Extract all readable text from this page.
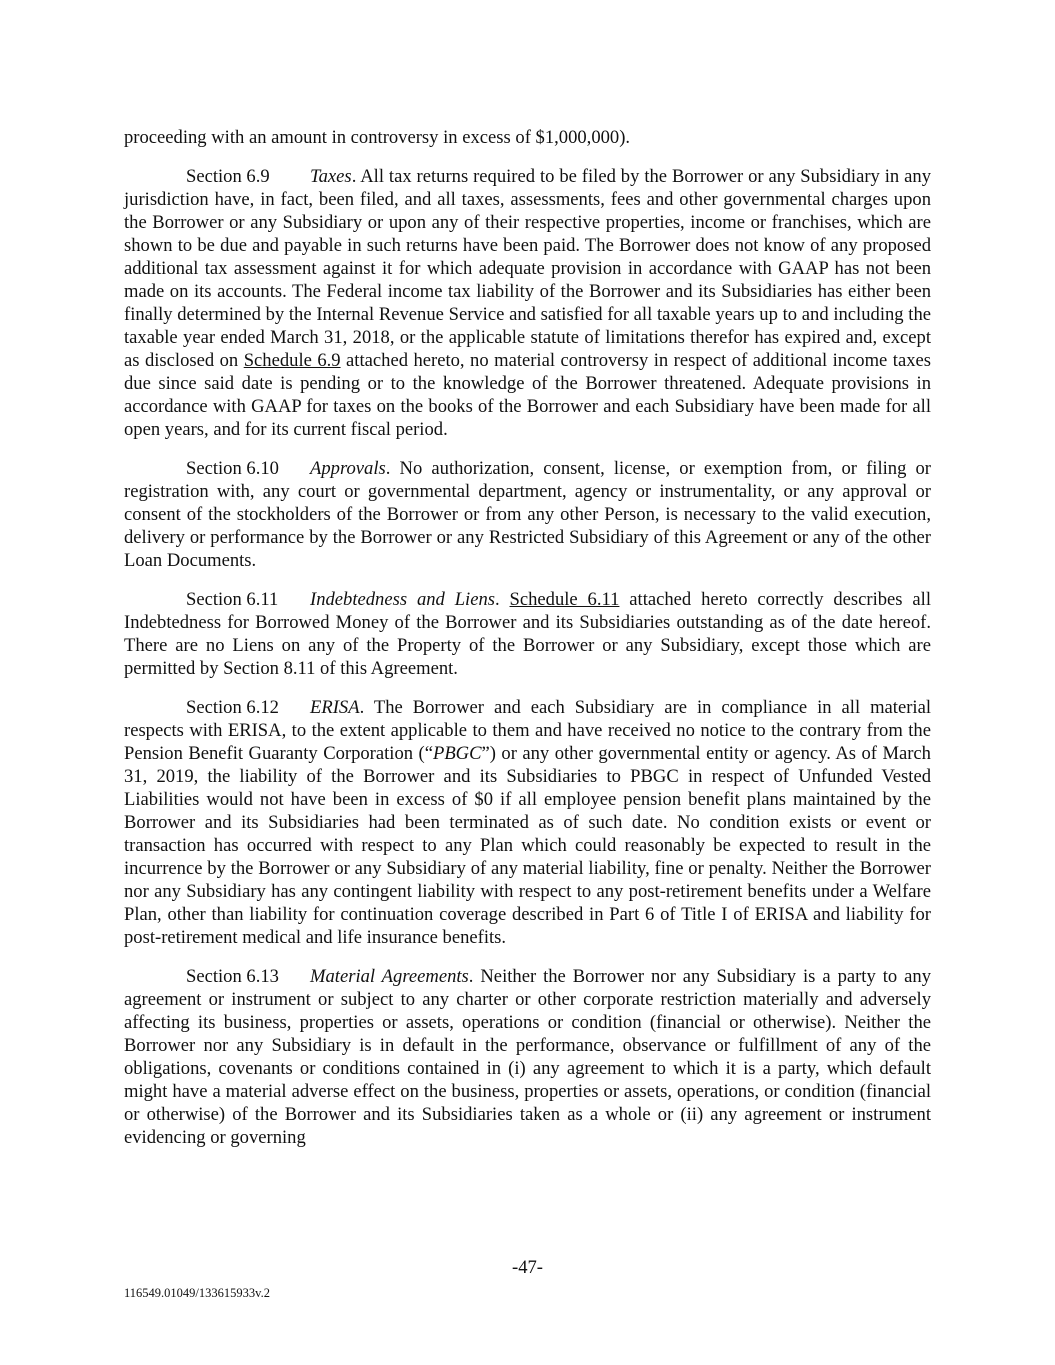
proceeding with an amount in controversy in excess of $1,000,000).

Section 6.9 Taxes. All tax returns required to be filed by the Borrower or any Subsidiary in any jurisdiction have, in fact, been filed, and all taxes, assessments, fees and other governmental charges upon the Borrower or any Subsidiary or upon any of their respective properties, income or franchises, which are shown to be due and payable in such returns have been paid. The Borrower does not know of any proposed additional tax assessment against it for which adequate provision in accordance with GAAP has not been made on its accounts. The Federal income tax liability of the Borrower and its Subsidiaries has either been finally determined by the Internal Revenue Service and satisfied for all taxable years up to and including the taxable year ended March 31, 2018, or the applicable statute of limitations therefor has expired and, except as disclosed on Schedule 6.9 attached hereto, no material controversy in respect of additional income taxes due since said date is pending or to the knowledge of the Borrower threatened. Adequate provisions in accordance with GAAP for taxes on the books of the Borrower and each Subsidiary have been made for all open years, and for its current fiscal period.

Section 6.10 Approvals. No authorization, consent, license, or exemption from, or filing or registration with, any court or governmental department, agency or instrumentality, or any approval or consent of the stockholders of the Borrower or from any other Person, is necessary to the valid execution, delivery or performance by the Borrower or any Restricted Subsidiary of this Agreement or any of the other Loan Documents.

Section 6.11 Indebtedness and Liens. Schedule 6.11 attached hereto correctly describes all Indebtedness for Borrowed Money of the Borrower and its Subsidiaries outstanding as of the date hereof. There are no Liens on any of the Property of the Borrower or any Subsidiary, except those which are permitted by Section 8.11 of this Agreement.

Section 6.12 ERISA. The Borrower and each Subsidiary are in compliance in all material respects with ERISA, to the extent applicable to them and have received no notice to the contrary from the Pension Benefit Guaranty Corporation (“PBGC”) or any other governmental entity or agency. As of March 31, 2019, the liability of the Borrower and its Subsidiaries to PBGC in respect of Unfunded Vested Liabilities would not have been in excess of $0 if all employee pension benefit plans maintained by the Borrower and its Subsidiaries had been terminated as of such date. No condition exists or event or transaction has occurred with respect to any Plan which could reasonably be expected to result in the incurrence by the Borrower or any Subsidiary of any material liability, fine or penalty. Neither the Borrower nor any Subsidiary has any contingent liability with respect to any post-retirement benefits under a Welfare Plan, other than liability for continuation coverage described in Part 6 of Title I of ERISA and liability for post-retirement medical and life insurance benefits.

Section 6.13 Material Agreements. Neither the Borrower nor any Subsidiary is a party to any agreement or instrument or subject to any charter or other corporate restriction materially and adversely affecting its business, properties or assets, operations or condition (financial or otherwise). Neither the Borrower nor any Subsidiary is in default in the performance, observance or fulfillment of any of the obligations, covenants or conditions contained in (i) any agreement to which it is a party, which default might have a material adverse effect on the business, properties or assets, operations, or condition (financial or otherwise) of the Borrower and its Subsidiaries taken as a whole or (ii) any agreement or instrument evidencing or governing

-47-
116549.01049/133615933v.2
